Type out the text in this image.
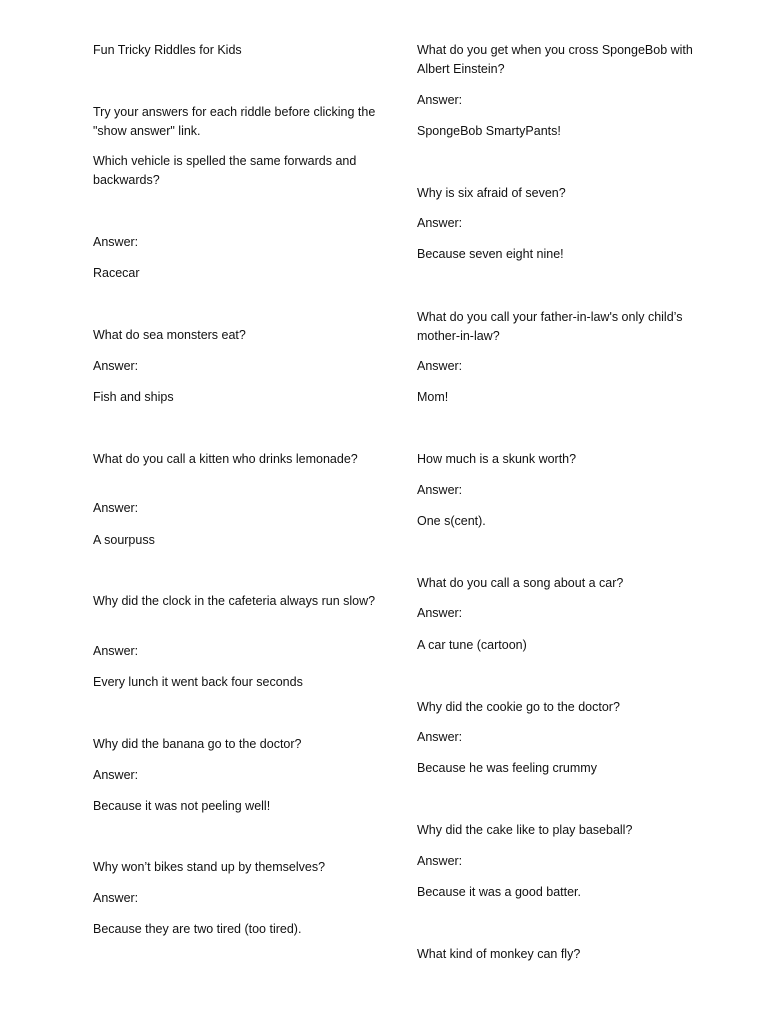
Fun Tricky Riddles for Kids

Try your answers for each riddle before clicking the "show answer" link.

Which vehicle is spelled the same forwards and backwards?

Answer:

Racecar

What do sea monsters eat?

Answer:

Fish and ships

What do you call a kitten who drinks lemonade?

Answer:

A sourpuss

Why did the clock in the cafeteria always run slow?

Answer:

Every lunch it went back four seconds

Why did the banana go to the doctor?

Answer:

Because it was not peeling well!

Why won’t bikes stand up by themselves?

Answer:

Because they are two tired (too tired).

What do you get when you cross SpongeBob with Albert Einstein?

Answer:

SpongeBob SmartyPants!

Why is six afraid of seven?

Answer:

Because seven eight nine!

What do you call your father-in-law's only child’s mother-in-law?

Answer:

Mom!

How much is a skunk worth?

Answer:

One s(cent).

What do you call a song about a car?

Answer:

A car tune (cartoon)

Why did the cookie go to the doctor?

Answer:

Because he was feeling crummy

Why did the cake like to play baseball?

Answer:

Because it was a good batter.

What kind of monkey can fly?
